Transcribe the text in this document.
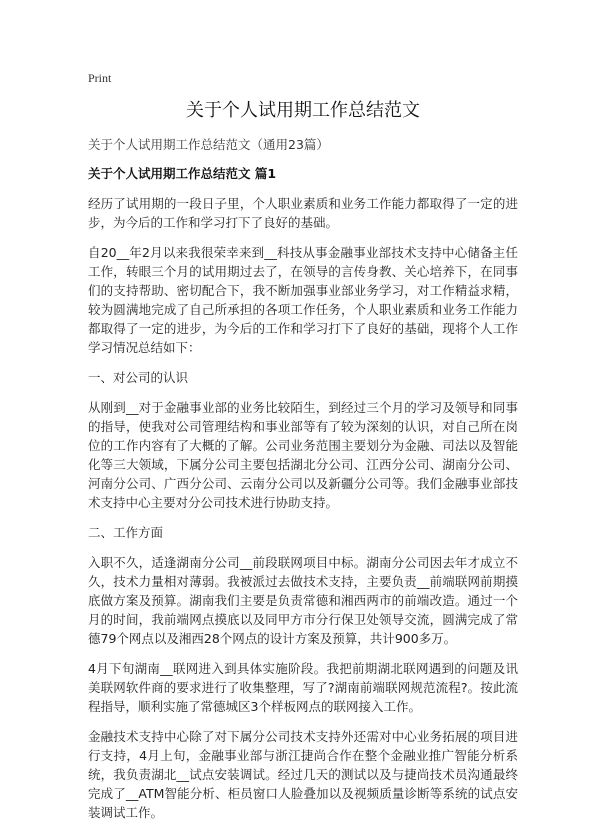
Print
关于个人试用期工作总结范文
关于个人试用期工作总结范文（通用23篇）
关于个人试用期工作总结范文 篇1

经历了试用期的一段日子里，个人职业素质和业务工作能力都取得了一定的进步，为今后的工作和学习打下了良好的基础。

自20__年2月以来我很荣幸来到__科技从事金融事业部技术支持中心储备主任工作，转眼三个月的试用期过去了，在领导的言传身教、关心培养下，在同事们的支持帮助、密切配合下，我不断加强事业部业务学习，对工作精益求精，较为圆满地完成了自己所承担的各项工作任务，个人职业素质和业务工作能力都取得了一定的进步，为今后的工作和学习打下了良好的基础，现将个人工作学习情况总结如下：

一、对公司的认识

从刚到__对于金融事业部的业务比较陌生，到经过三个月的学习及领导和同事的指导，使我对公司管理结构和事业部等有了较为深刻的认识，对自己所在岗位的工作内容有了大概的了解。公司业务范围主要划分为金融、司法以及智能化等三大领域，下属分公司主要包括湖北分公司、江西分公司、湖南分公司、河南分公司、广西分公司、云南分公司以及新疆分公司等。我们金融事业部技术支持中心主要对分公司技术进行协助支持。

二、工作方面

入职不久，适逢湖南分公司__前段联网项目中标。湖南分公司因去年才成立不久，技术力量相对薄弱。我被派过去做技术支持，主要负责__前端联网前期摸底做方案及预算。湖南我们主要是负责常德和湘西两市的前端改造。通过一个月的时间，我前端网点摸底以及同甲方市分行保卫处领导交流，圆满完成了常德79个网点以及湘西28个网点的设计方案及预算，共计900多万。

4月下旬湖南__联网进入到具体实施阶段。我把前期湖北联网遇到的问题及讯美联网软件商的要求进行了收集整理，写了?湖南前端联网规范流程?。按此流程指导，顺利实施了常德城区3个样板网点的联网接入工作。

金融技术支持中心除了对下属分公司技术支持外还需对中心业务拓展的项目进行支持，4月上旬，金融事业部与浙江捷尚合作在整个金融业推广智能分析系统，我负责湖北__试点安装调试。经过几天的测试以及与捷尚技术员沟通最终完成了__ATM智能分析、柜员窗口人脸叠加以及视频质量诊断等系统的试点安装调试工作。
